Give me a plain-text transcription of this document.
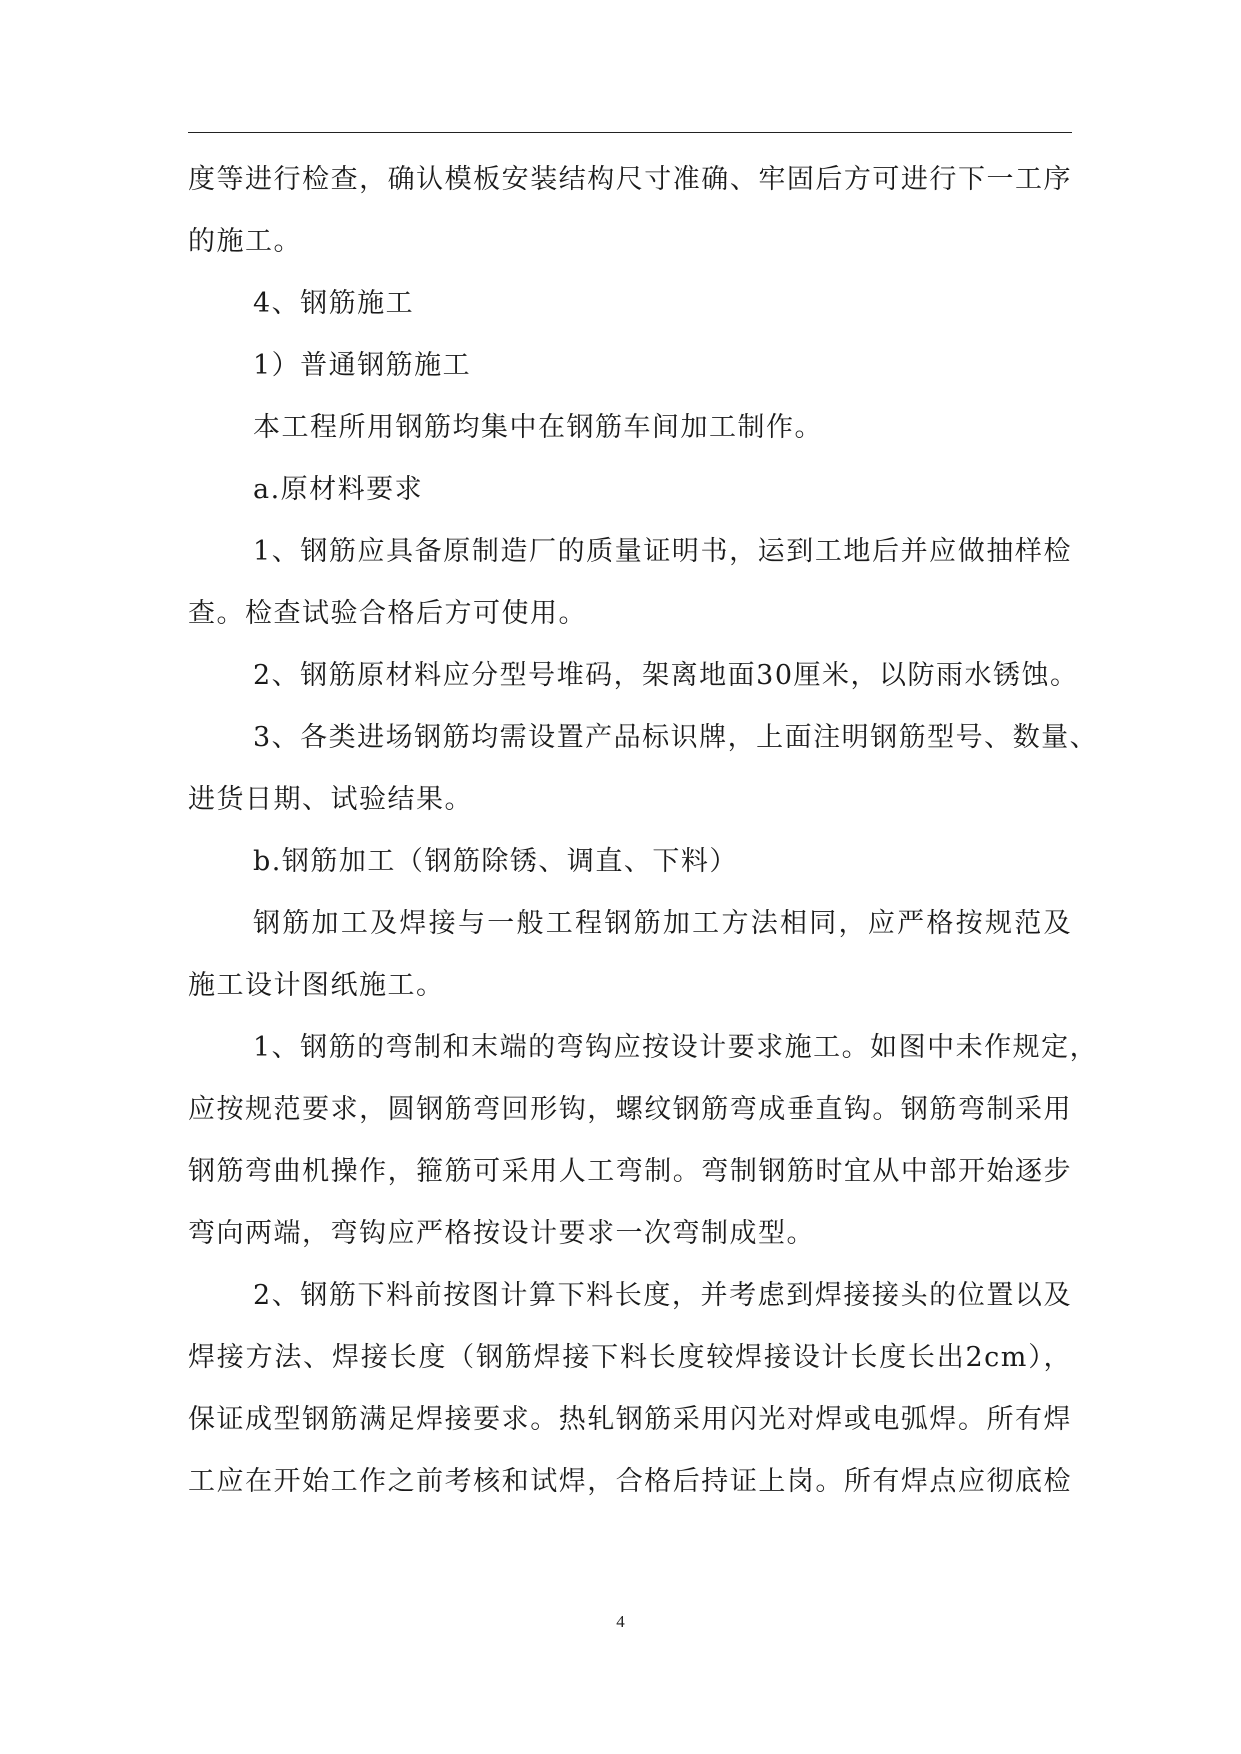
度等进行检查，确认模板安装结构尺寸准确、牢固后方可进行下一工序
的施工。
4、钢筋施工
1）普通钢筋施工
本工程所用钢筋均集中在钢筋车间加工制作。
a.原材料要求
1、钢筋应具备原制造厂的质量证明书，运到工地后并应做抽样检
查。检查试验合格后方可使用。
2、钢筋原材料应分型号堆码，架离地面30厘米，以防雨水锈蚀。
3、各类进场钢筋均需设置产品标识牌，上面注明钢筋型号、数量、
进货日期、试验结果。
b.钢筋加工（钢筋除锈、调直、下料）
钢筋加工及焊接与一般工程钢筋加工方法相同，应严格按规范及
施工设计图纸施工。
1、钢筋的弯制和末端的弯钩应按设计要求施工。如图中未作规定，
应按规范要求，圆钢筋弯回形钩，螺纹钢筋弯成垂直钩。钢筋弯制采用
钢筋弯曲机操作，箍筋可采用人工弯制。弯制钢筋时宜从中部开始逐步
弯向两端，弯钩应严格按设计要求一次弯制成型。
2、钢筋下料前按图计算下料长度，并考虑到焊接接头的位置以及
焊接方法、焊接长度（钢筋焊接下料长度较焊接设计长度长出2cm），
保证成型钢筋满足焊接要求。热轧钢筋采用闪光对焊或电弧焊。所有焊
工应在开始工作之前考核和试焊，合格后持证上岗。所有焊点应彻底检
4
